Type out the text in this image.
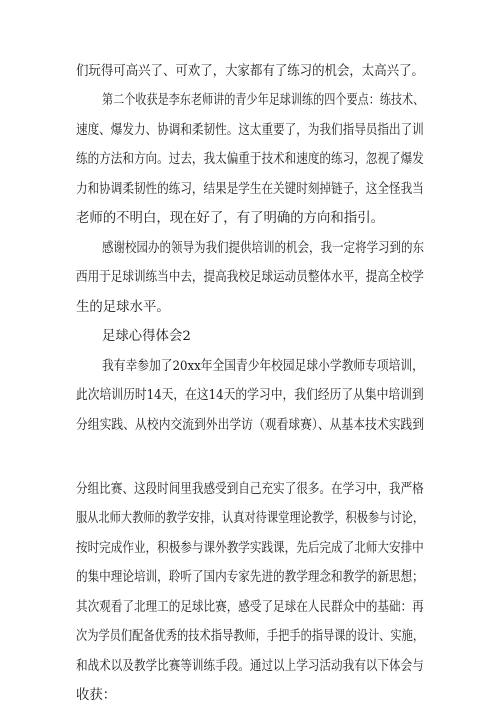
们玩得可高兴了、可欢了，大家都有了练习的机会，太高兴了。
第二个收获是李东老师讲的青少年足球训练的四个要点：练技术、
速度、爆发力、协调和柔韧性。这太重要了，为我们指导员指出了训
练的方法和方向。过去，我太偏重于技术和速度的练习，忽视了爆发
力和协调柔韧性的练习，结果是学生在关键时刻掉链子，这全怪我当
老师的不明白，现在好了，有了明确的方向和指引。
感谢校园办的领导为我们提供培训的机会，我一定将学习到的东
西用于足球训练当中去，提高我校足球运动员整体水平，提高全校学
生的足球水平。
足球心得体会2
我有幸参加了20xx年全国青少年校园足球小学教师专项培训，
此次培训历时14天，在这14天的学习中，我们经历了从集中培训到
分组实践、从校内交流到外出学访（观看球赛）、从基本技术实践到
分组比赛、这段时间里我感受到自己充实了很多。在学习中，我严格
服从北师大教师的教学安排，认真对待课堂理论教学，积极参与讨论，
按时完成作业，积极参与课外教学实践课，先后完成了北师大安排中
的集中理论培训，聆听了国内专家先进的教学理念和教学的新思想；
其次观看了北理工的足球比赛，感受了足球在人民群众中的基础：再
次为学员们配备优秀的技术指导教师，手把手的指导课的设计、实施，
和战术以及教学比赛等训练手段。通过以上学习活动我有以下体会与
收获：
